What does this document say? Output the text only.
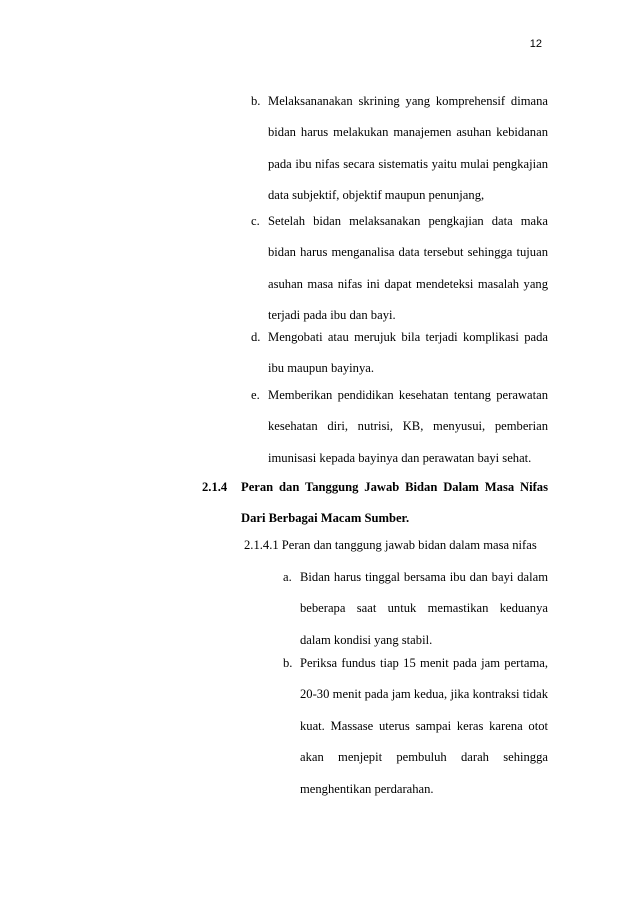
12
b. Melaksananakan skrining yang komprehensif dimana bidan harus melakukan manajemen asuhan kebidanan pada ibu nifas secara sistematis yaitu mulai pengkajian data subjektif, objektif maupun penunjang,
c. Setelah bidan melaksanakan pengkajian data maka bidan harus menganalisa data tersebut sehingga tujuan asuhan masa nifas ini dapat mendeteksi masalah yang terjadi pada ibu dan bayi.
d. Mengobati atau merujuk bila terjadi komplikasi pada ibu maupun bayinya.
e. Memberikan pendidikan kesehatan tentang perawatan kesehatan diri, nutrisi, KB, menyusui, pemberian imunisasi kepada bayinya dan perawatan bayi sehat.
2.1.4 Peran dan Tanggung Jawab Bidan Dalam Masa Nifas Dari Berbagai Macam Sumber.
2.1.4.1 Peran dan tanggung jawab bidan dalam masa nifas
a. Bidan harus tinggal bersama ibu dan bayi dalam beberapa saat untuk memastikan keduanya dalam kondisi yang stabil.
b. Periksa fundus tiap 15 menit pada jam pertama, 20-30 menit pada jam kedua, jika kontraksi tidak kuat. Massase uterus sampai keras karena otot akan menjepit pembuluh darah sehingga menghentikan perdarahan.
